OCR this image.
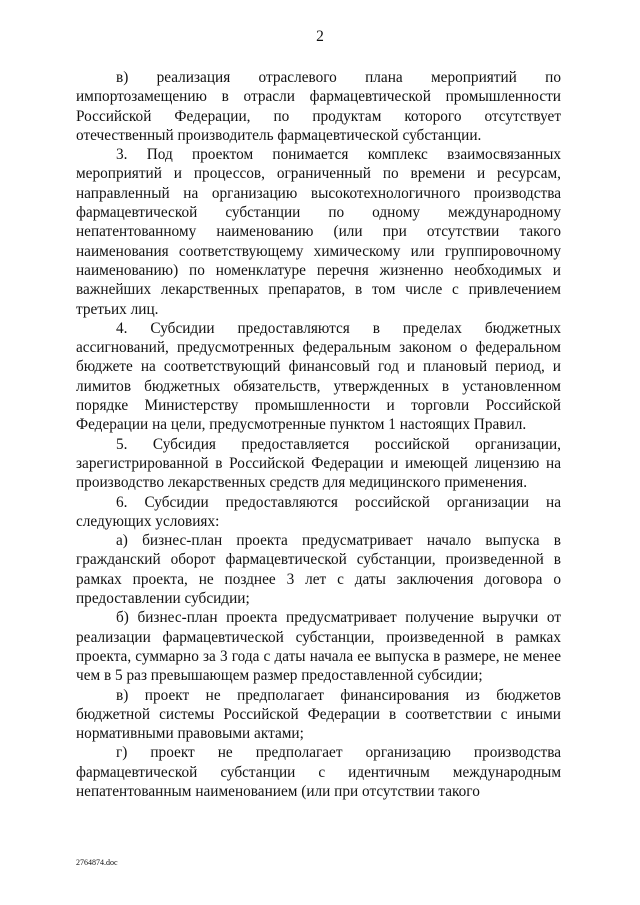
2

в) реализация отраслевого плана мероприятий по импортозамещению в отрасли фармацевтической промышленности Российской Федерации, по продуктам которого отсутствует отечественный производитель фармацевтической субстанции.

3. Под проектом понимается комплекс взаимосвязанных мероприятий и процессов, ограниченный по времени и ресурсам, направленный на организацию высокотехнологичного производства фармацевтической субстанции по одному международному непатентованному наименованию (или при отсутствии такого наименования соответствующему химическому или группировочному наименованию) по номенклатуре перечня жизненно необходимых и важнейших лекарственных препаратов, в том числе с привлечением третьих лиц.

4. Субсидии предоставляются в пределах бюджетных ассигнований, предусмотренных федеральным законом о федеральном бюджете на соответствующий финансовый год и плановый период, и лимитов бюджетных обязательств, утвержденных в установленном порядке Министерству промышленности и торговли Российской Федерации на цели, предусмотренные пунктом 1 настоящих Правил.

5. Субсидия предоставляется российской организации, зарегистрированной в Российской Федерации и имеющей лицензию на производство лекарственных средств для медицинского применения.

6. Субсидии предоставляются российской организации на следующих условиях:

а) бизнес-план проекта предусматривает начало выпуска в гражданский оборот фармацевтической субстанции, произведенной в рамках проекта, не позднее 3 лет с даты заключения договора о предоставлении субсидии;

б) бизнес-план проекта предусматривает получение выручки от реализации фармацевтической субстанции, произведенной в рамках проекта, суммарно за 3 года с даты начала ее выпуска в размере, не менее чем в 5 раз превышающем размер предоставленной субсидии;

в) проект не предполагает финансирования из бюджетов бюджетной системы Российской Федерации в соответствии с иными нормативными правовыми актами;

г) проект не предполагает организацию производства фармацевтической субстанции с идентичным международным непатентованным наименованием (или при отсутствии такого

2764874.doc
